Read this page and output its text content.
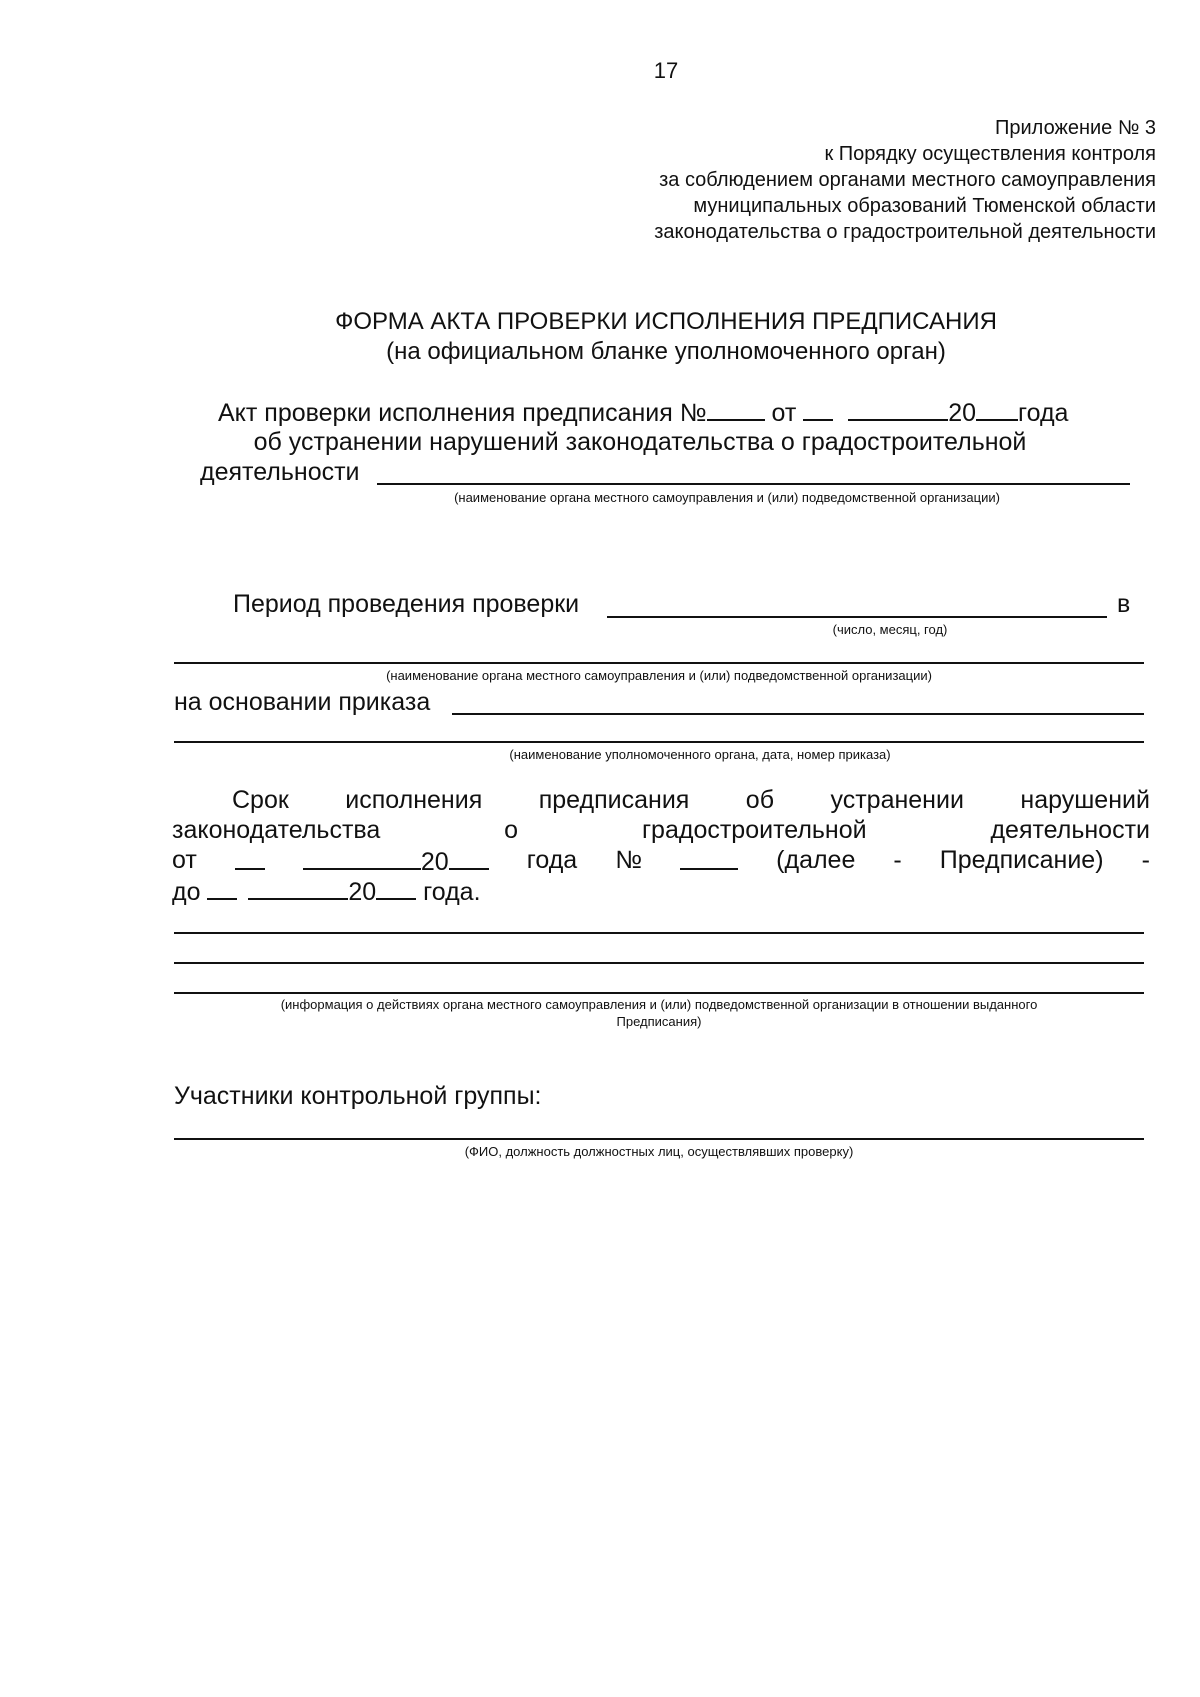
17
Приложение № 3
к Порядку осуществления контроля
за соблюдением органами местного самоуправления
муниципальных образований Тюменской области
законодательства о градостроительной деятельности
ФОРМА АКТА ПРОВЕРКИ ИСПОЛНЕНИЯ ПРЕДПИСАНИЯ
(на официальном бланке уполномоченного орган)
Акт проверки исполнения предписания №	от	20 года
об устранении нарушений законодательства о градостроительной
деятельности
(наименование органа местного самоуправления и (или) подведомственной организации)
Период проведения проверки	в
(число, месяц, год)
(наименование органа местного самоуправления и (или) подведомственной организации)
на основании приказа
(наименование уполномоченного органа, дата, номер приказа)
Срок исполнения предписания об устранении нарушений
законодательства	о	градостроительной	деятельности
от	20	года №	(далее - Предписание) -
до	20 года.
(информация о действиях органа местного самоуправления и (или) подведомственной организации в отношении выданного
Предписания)
Участники контрольной группы:
(ФИО, должность должностных лиц, осуществлявших проверку)
